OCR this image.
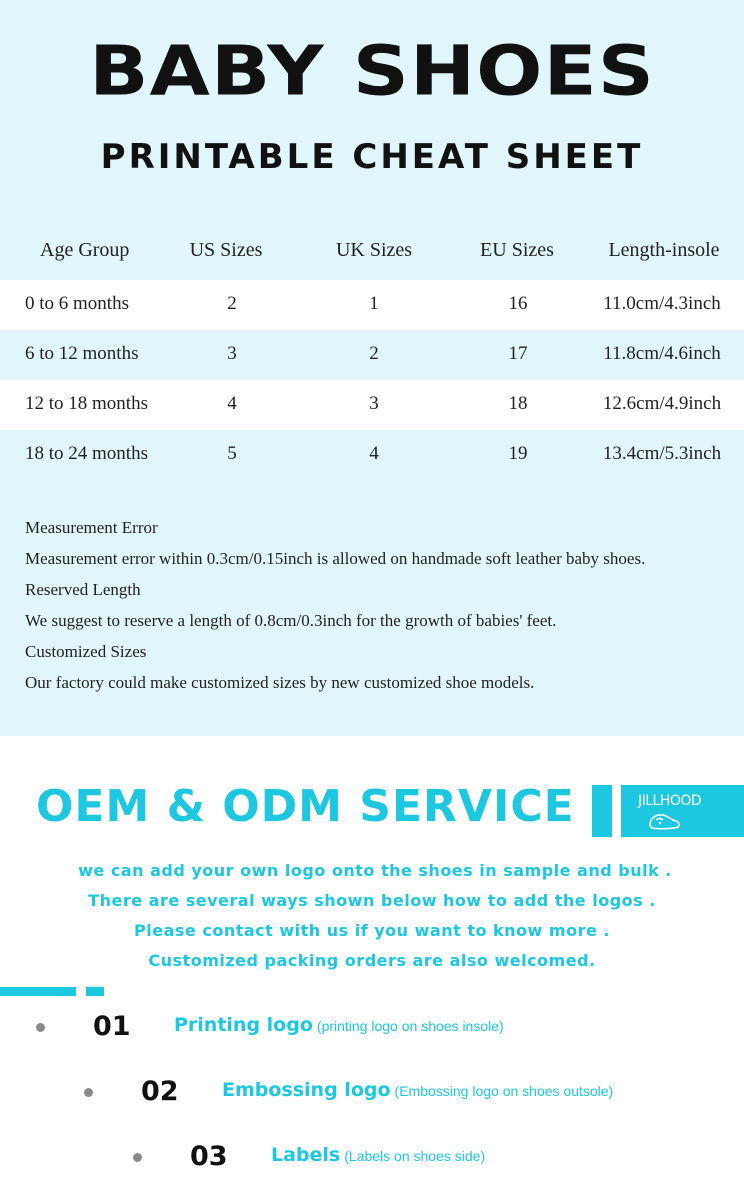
BABY SHOES
PRINTABLE CHEAT SHEET
Age Group	US Sizes	UK Sizes	EU Sizes	Length-insole
0 to 6 months	2	1	16	11.0cm/4.3inch
6 to 12 months	3	2	17	11.8cm/4.6inch
12 to 18 months	4	3	18	12.6cm/4.9inch
18 to 24 months	5	4	19	13.4cm/5.3inch
Measurement Error
Measurement error within 0.3cm/0.15inch is allowed on handmade soft leather baby shoes.
Reserved Length
We suggest to reserve a length of 0.8cm/0.3inch for the growth of babies' feet.
Customized Sizes
Our factory could make customized sizes by new customized shoe models.
OEM & ODM SERVICE	JILLHOOD
we can add your own logo onto the shoes in sample and bulk .
There are several ways shown below how to add the logos .
Please contact with us if you want to know more .
Customized packing orders are also welcomed.
01 Printing logo (printing logo on shoes insole)
02 Embossing logo (Embossing logo on shoes outsole)
03 Labels (Labels on shoes side)
